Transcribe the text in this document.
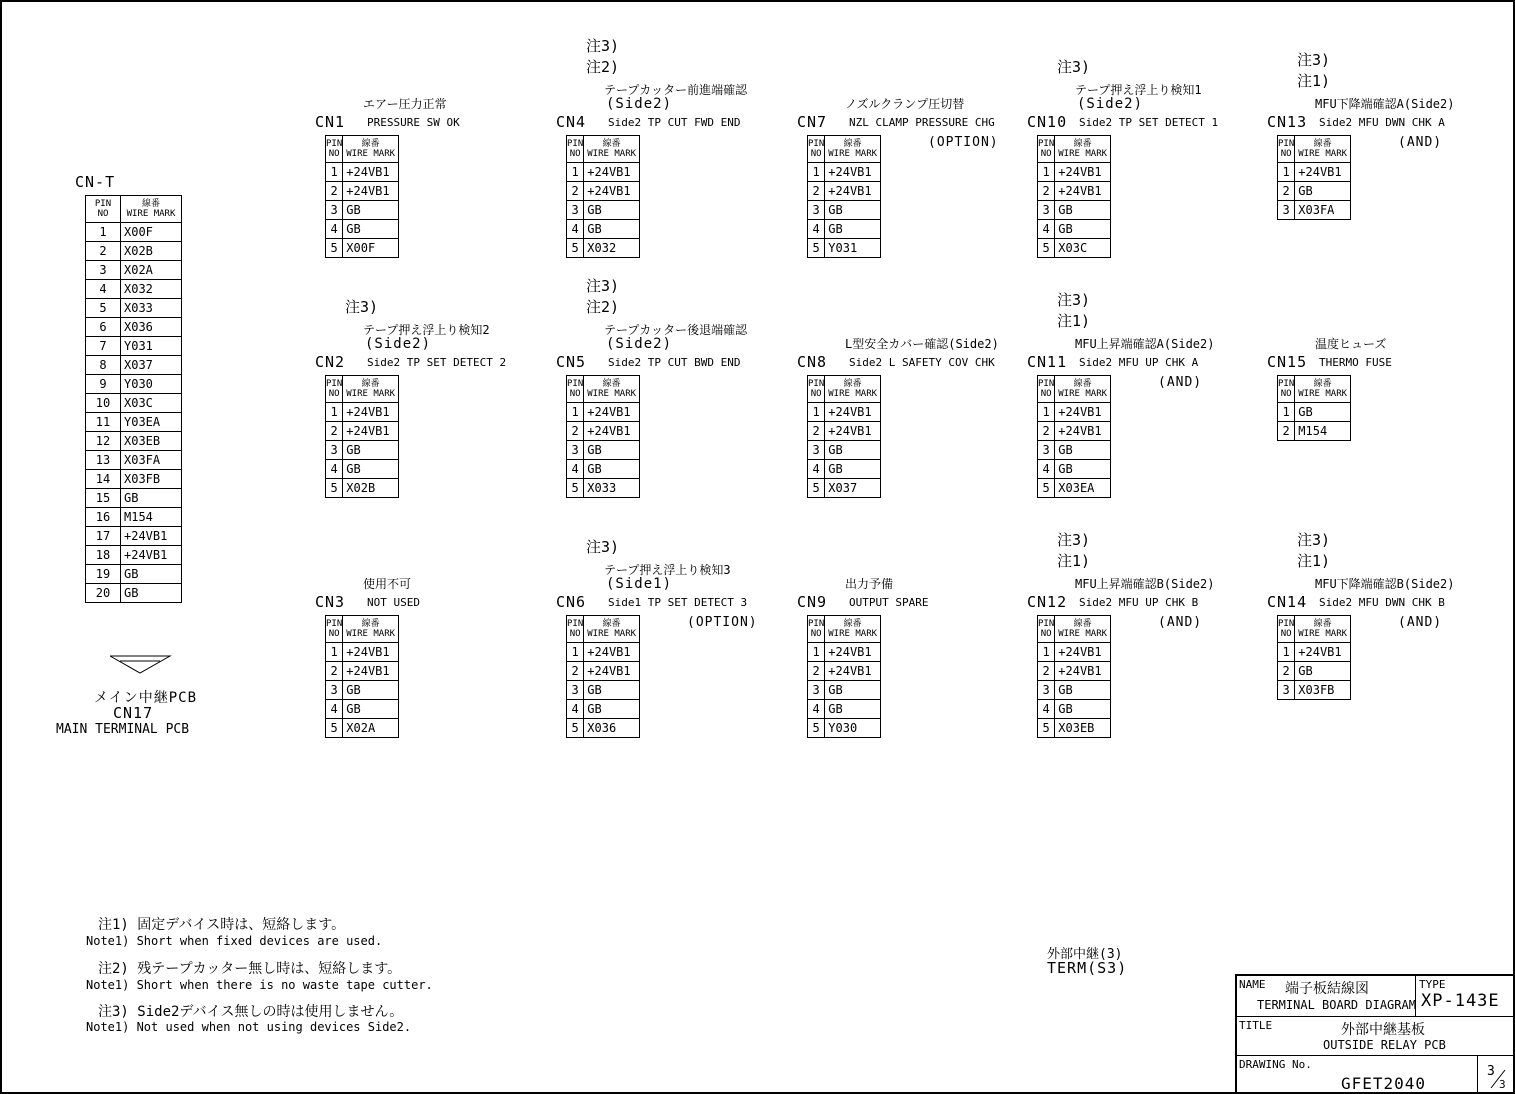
CN-T
PIN
NO	線番
WIRE MARK

1	X00F
2	X02B
3	X02A
4	X032
5	X033
6	X036
7	Y031
8	X037
9	Y030
10	X03C
11	Y03EA
12	X03EB
13	X03FA
14	X03FB
15	GB
16	M154
17	+24VB1
18	+24VB1
19	GB
20	GB
メイン中継PCB
CN17
MAIN TERMINAL PCB
エアー圧力正常
CN1 PRESSURE SW OK
PIN
NO	線番
WIRE MARK

1	+24VB1
2	+24VB1
3	GB
4	GB
5	X00F
注3)
注2)
テープカッター前進端確認
(Side2)
CN4 Side2 TP CUT FWD END
PIN
NO	線番
WIRE MARK

1	+24VB1
2	+24VB1
3	GB
4	GB
5	X032
ノズルクランプ圧切替
CN7 NZL CLAMP PRESSURE CHG
(OPTION)
PIN
NO	線番
WIRE MARK

1	+24VB1
2	+24VB1
3	GB
4	GB
5	Y031
注3)
テープ押え浮上り検知1
(Side2)
CN10 Side2 TP SET DETECT 1
PIN
NO	線番
WIRE MARK

1	+24VB1
2	+24VB1
3	GB
4	GB
5	X03C
注3)
注1)
MFU下降端確認A(Side2)
CN13 Side2 MFU DWN CHK A
(AND)
PIN
NO	線番
WIRE MARK

1	+24VB1
2	GB
3	X03FA
注3)
テープ押え浮上り検知2
(Side2)
CN2 Side2 TP SET DETECT 2
PIN
NO	線番
WIRE MARK

1	+24VB1
2	+24VB1
3	GB
4	GB
5	X02B
注3)
注2)
テープカッター後退端確認
(Side2)
CN5 Side2 TP CUT BWD END
PIN
NO	線番
WIRE MARK

1	+24VB1
2	+24VB1
3	GB
4	GB
5	X033
L型安全カバー確認(Side2)
CN8 Side2 L SAFETY COV CHK
PIN
NO	線番
WIRE MARK

1	+24VB1
2	+24VB1
3	GB
4	GB
5	X037
注3)
注1)
MFU上昇端確認A(Side2)
CN11 Side2 MFU UP CHK A
(AND)
PIN
NO	線番
WIRE MARK

1	+24VB1
2	+24VB1
3	GB
4	GB
5	X03EA
温度ヒューズ
CN15 THERMO FUSE
PIN
NO	線番
WIRE MARK

1	GB
2	M154
使用不可
CN3 NOT USED
PIN
NO	線番
WIRE MARK

1	+24VB1
2	+24VB1
3	GB
4	GB
5	X02A
注3)
テープ押え浮上り検知3
(Side1)
CN6 Side1 TP SET DETECT 3
(OPTION)
PIN
NO	線番
WIRE MARK

1	+24VB1
2	+24VB1
3	GB
4	GB
5	X036
出力予備
CN9 OUTPUT SPARE
PIN
NO	線番
WIRE MARK

1	+24VB1
2	+24VB1
3	GB
4	GB
5	Y030
注3)
注1)
MFU上昇端確認B(Side2)
CN12 Side2 MFU UP CHK B
(AND)
PIN
NO	線番
WIRE MARK

1	+24VB1
2	+24VB1
3	GB
4	GB
5	X03EB
注3)
注1)
MFU下降端確認B(Side2)
CN14 Side2 MFU DWN CHK B
(AND)
PIN
NO	線番
WIRE MARK

1	+24VB1
2	GB
3	X03FB
注1) 固定デバイス時は、短絡します。
Note1) Short when fixed devices are used.
注2) 残テープカッター無し時は、短絡します。
Note1) Short when there is no waste tape cutter.
注3) Side2デバイス無しの時は使用しません。
Note1) Not used when not using devices Side2.
外部中継(3)
TERM(S3)
NAME 端子板結線図
TERMINAL BOARD DIAGRAM
TYPE
XP-143E
TITLE	外部中継基板
OUTSIDE RELAY PCB
DRAWING No.
GFET2040
3
3
